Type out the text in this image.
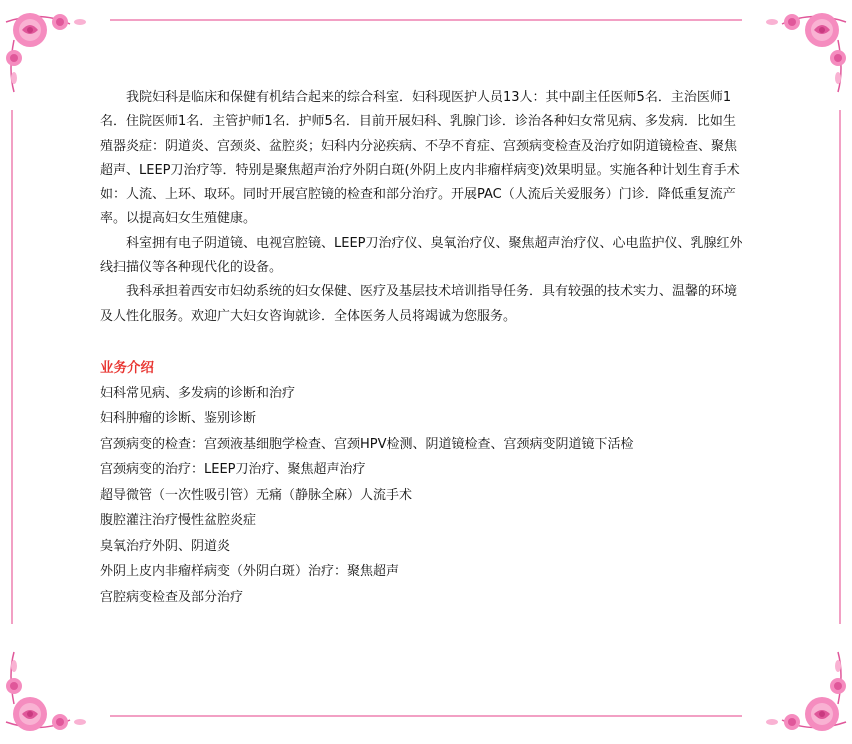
我院妇科是临床和保健有机结合起来的综合科室．妇科现医护人员13人：其中副主任医师5名．主治医师1名．住院医师1名．主管护师1名．护师5名．目前开展妇科、乳腺门诊．诊治各种妇女常见病、多发病．比如生殖器炎症：阴道炎、宫颈炎、盆腔炎；妇科内分泌疾病、不孕不育症、宫颈病变检查及治疗如阴道镜检查、聚焦超声、LEEP刀治疗等．特别是聚焦超声治疗外阴白斑(外阴上皮内非瘤样病变)效果明显。实施各种计划生育手术如：人流、上环、取环。同时开展宫腔镜的检查和部分治疗。开展PAC（人流后关爱服务）门诊．降低重复流产率。以提高妇女生殖健康。

科室拥有电子阴道镜、电视宫腔镜、LEEP刀治疗仪、臭氧治疗仪、聚焦超声治疗仪、心电监护仪、乳腺红外线扫描仪等各种现代化的设备。

我科承担着西安市妇幼系统的妇女保健、医疗及基层技术培训指导任务．具有较强的技术实力、温馨的环境及人性化服务。欢迎广大妇女咨询就诊．全体医务人员将竭诚为您服务。

业务介绍

妇科常见病、多发病的诊断和治疗

妇科肿瘤的诊断、鉴别诊断

宫颈病变的检查：宫颈液基细胞学检查、宫颈HPV检测、阴道镜检查、宫颈病变阴道镜下活检

宫颈病变的治疗：LEEP刀治疗、聚焦超声治疗

超导微管（一次性吸引管）无痛（静脉全麻）人流手术

腹腔灌注治疗慢性盆腔炎症

臭氧治疗外阴、阴道炎

外阴上皮内非瘤样病变（外阴白斑）治疗：聚焦超声

宫腔病变检查及部分治疗
